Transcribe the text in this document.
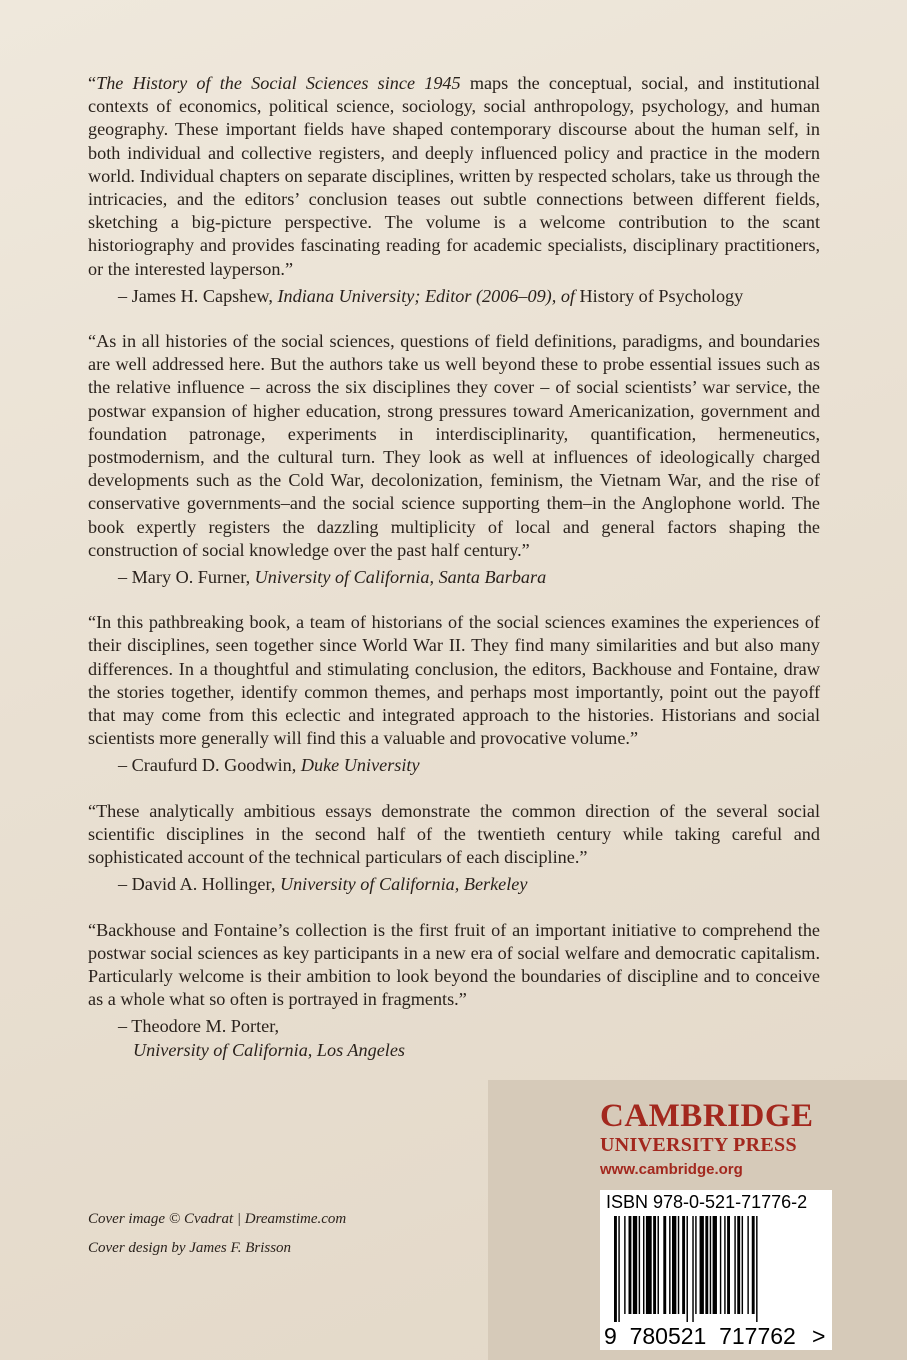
“The History of the Social Sciences since 1945 maps the conceptual, social, and institutional contexts of economics, political science, sociology, social anthropology, psychology, and human geography. These important fields have shaped contemporary discourse about the human self, in both individual and collective registers, and deeply influenced policy and practice in the modern world. Individual chapters on separate disciplines, written by respected scholars, take us through the intricacies, and the editors’ conclusion teases out subtle connections between different fields, sketching a big-picture perspective. The volume is a welcome contribution to the scant historiography and provides fascinating reading for academic specialists, disciplinary practitioners, or the interested layperson.”

– James H. Capshew, Indiana University; Editor (2006–09), of History of Psychology

“As in all histories of the social sciences, questions of field definitions, paradigms, and boundaries are well addressed here. But the authors take us well beyond these to probe essential issues such as the relative influence – across the six disciplines they cover – of social scientists’ war service, the postwar expansion of higher education, strong pressures toward Americanization, government and foundation patronage, experiments in interdisciplinarity, quantification, hermeneutics, postmodernism, and the cultural turn. They look as well at influences of ideologically charged developments such as the Cold War, decolonization, feminism, the Vietnam War, and the rise of conservative governments–and the social science supporting them–in the Anglophone world. The book expertly registers the dazzling multiplicity of local and general factors shaping the construction of social knowledge over the past half century.”

– Mary O. Furner, University of California, Santa Barbara

“In this pathbreaking book, a team of historians of the social sciences examines the experiences of their disciplines, seen together since World War II. They find many similarities and but also many differences. In a thoughtful and stimulating conclusion, the editors, Backhouse and Fontaine, draw the stories together, identify common themes, and perhaps most importantly, point out the payoff that may come from this eclectic and integrated approach to the histories. Historians and social scientists more generally will find this a valuable and provocative volume.”

– Craufurd D. Goodwin, Duke University

“These analytically ambitious essays demonstrate the common direction of the several social scientific disciplines in the second half of the twentieth century while taking careful and sophisticated account of the technical particulars of each discipline.”

– David A. Hollinger, University of California, Berkeley

“Backhouse and Fontaine’s collection is the first fruit of an important initiative to comprehend the postwar social sciences as key participants in a new era of social welfare and democratic capitalism. Particularly welcome is their ambition to look beyond the boundaries of discipline and to conceive as a whole what so often is portrayed in fragments.”

– Theodore M. Porter,
University of California, Los Angeles
Cover image © Cvadrat | Dreamstime.com
Cover design by James F. Brisson
CAMBRIDGE
UNIVERSITY PRESS
www.cambridge.org
ISBN 978-0-521-71776-2
9  780521  717762 >
